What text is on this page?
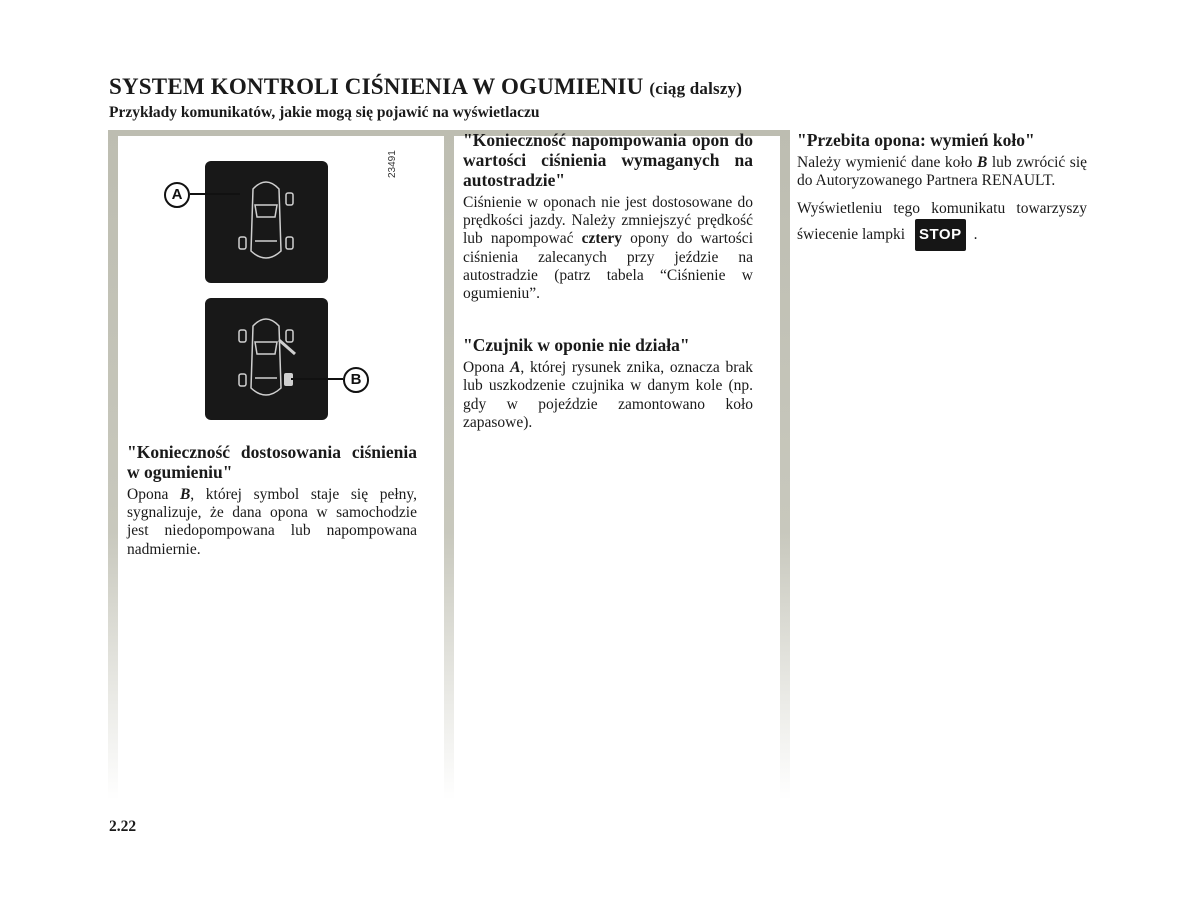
SYSTEM KONTROLI CIŚNIENIA W OGUMIENIU (ciąg dalszy)
Przykłady komunikatów, jakie mogą się pojawić na wyświetlaczu
23491
A
B
"Konieczność dostosowania ciśnienia w ogumieniu"

Opona B, której symbol staje się pełny, sygnalizuje, że dana opona w samochodzie jest niedopompowana lub napompowana nadmiernie.

"Konieczność napompowania opon do wartości ciśnienia wymaganych na autostradzie"

Ciśnienie w oponach nie jest dostosowane do prędkości jazdy. Należy zmniejszyć prędkość lub napompować cztery opony do wartości ciśnienia zalecanych przy jeździe na autostradzie (patrz tabela “Ciśnienie w ogumieniu”.

"Czujnik w oponie nie działa"

Opona A, której rysunek znika, oznacza brak lub uszkodzenie czujnika w danym kole (np. gdy w pojeździe zamontowano koło zapasowe).

"Przebita opona: wymień koło"

Należy wymienić dane koło B lub zwrócić się do Autoryzowanego Partnera RENAULT.

Wyświetleniu tego komunikatu towarzyszy świecenie lampki STOP .

2.22
